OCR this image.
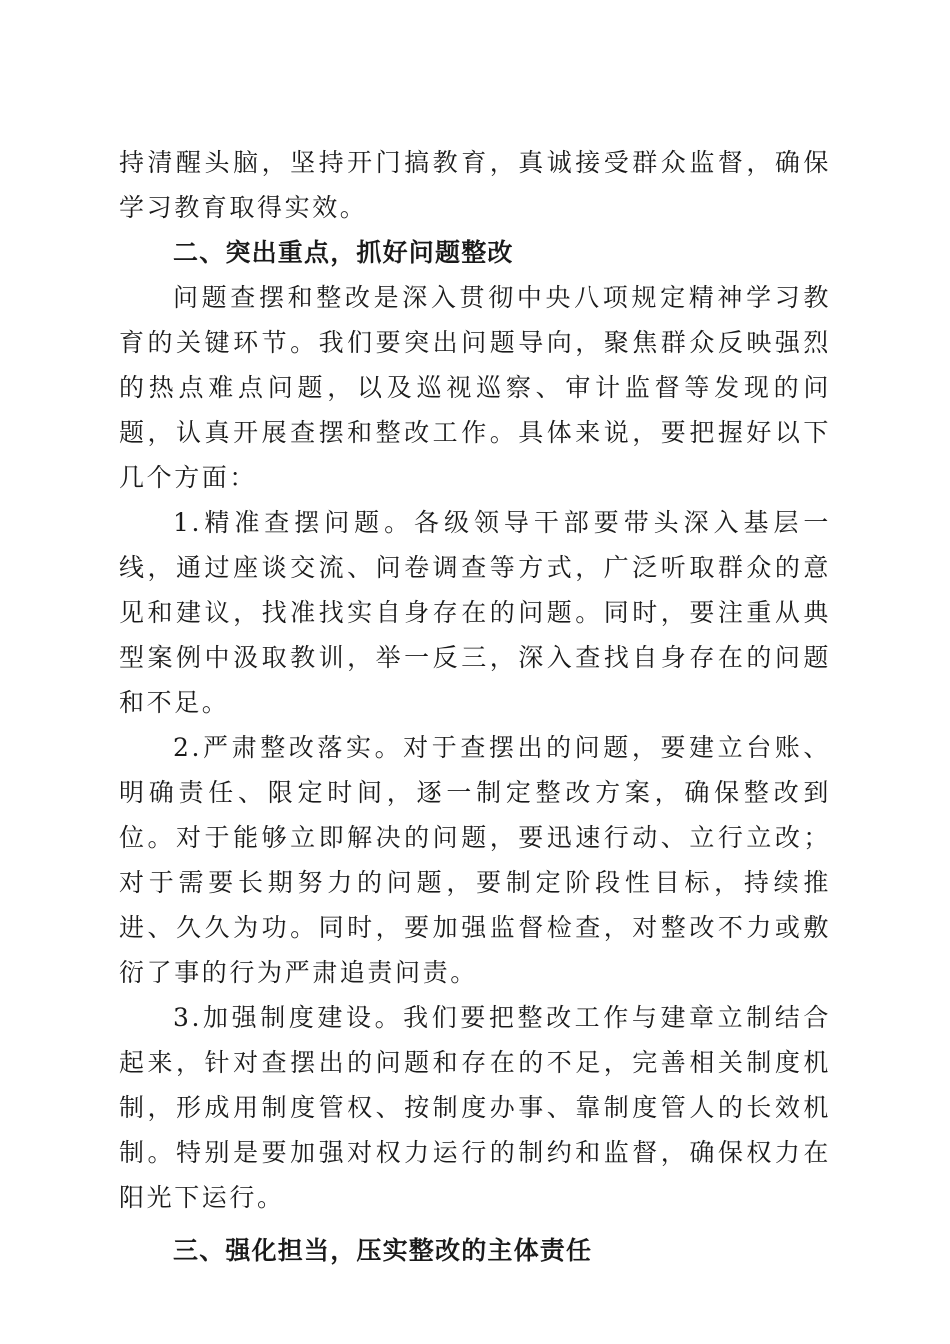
持清醒头脑，坚持开门搞教育，真诚接受群众监督，确保学习教育取得实效。

二、突出重点，抓好问题整改

问题查摆和整改是深入贯彻中央八项规定精神学习教育的关键环节。我们要突出问题导向，聚焦群众反映强烈的热点难点问题，以及巡视巡察、审计监督等发现的问题，认真开展查摆和整改工作。具体来说，要把握好以下几个方面：

1.精准查摆问题。各级领导干部要带头深入基层一线，通过座谈交流、问卷调查等方式，广泛听取群众的意见和建议，找准找实自身存在的问题。同时，要注重从典型案例中汲取教训，举一反三，深入查找自身存在的问题和不足。

2.严肃整改落实。对于查摆出的问题，要建立台账、明确责任、限定时间，逐一制定整改方案，确保整改到位。对于能够立即解决的问题，要迅速行动、立行立改；对于需要长期努力的问题，要制定阶段性目标，持续推进、久久为功。同时，要加强监督检查，对整改不力或敷衍了事的行为严肃追责问责。

3.加强制度建设。我们要把整改工作与建章立制结合起来，针对查摆出的问题和存在的不足，完善相关制度机制，形成用制度管权、按制度办事、靠制度管人的长效机制。特别是要加强对权力运行的制约和监督，确保权力在阳光下运行。

三、强化担当，压实整改的主体责任
